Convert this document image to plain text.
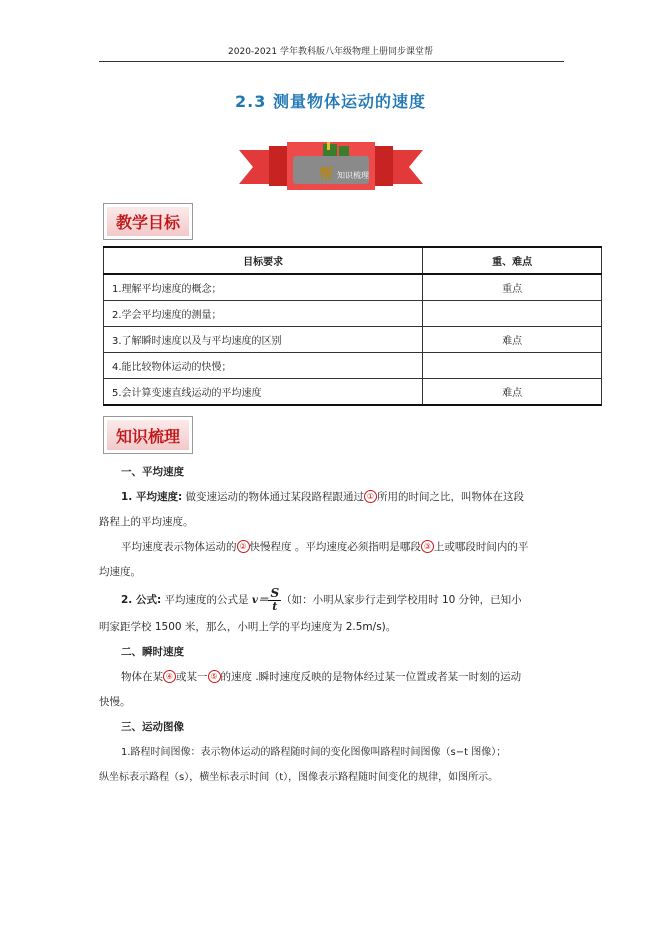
2020-2021 学年教科版八年级物理上册同步课堂帮
2.3 测量物体运动的速度
帮 知识梳理
教学目标
目标要求	重、难点
1.理解平均速度的概念；	重点
2.学会平均速度的测量；	
3.了解瞬时速度以及与平均速度的区别	难点
4.能比较物体运动的快慢；	
5.会计算变速直线运动的平均速度	难点
知识梳理
一、平均速度
1. 平均速度: 做变速运动的物体通过某段路程跟通过 ① 所用的时间之比，叫物体在这段
路程上的平均速度。
平均速度表示物体运动的 ② 快慢程度 。平均速度必须指明是哪段 ③ 上或哪段时间内的平
均速度。
2. 公式: 平均速度的公式是 $v= \frac{S}{t}$ （如：小明从家步行走到学校用时 10 分钟，已知小
明家距学校 1500 米，那么，小明上学的平均速度为 2.5m/s)。
二、瞬时速度
物体在某 ④ 或某一 ⑤ 的速度 .瞬时速度反映的是物体经过某一位置或者某一时刻的运动
快慢。
三、运动图像
1.路程时间图像：表示物体运动的路程随时间的变化图像叫路程时间图像（s−t 图像）；
纵坐标表示路程（s），横坐标表示时间（t），图像表示路程随时间变化的规律，如图所示。
